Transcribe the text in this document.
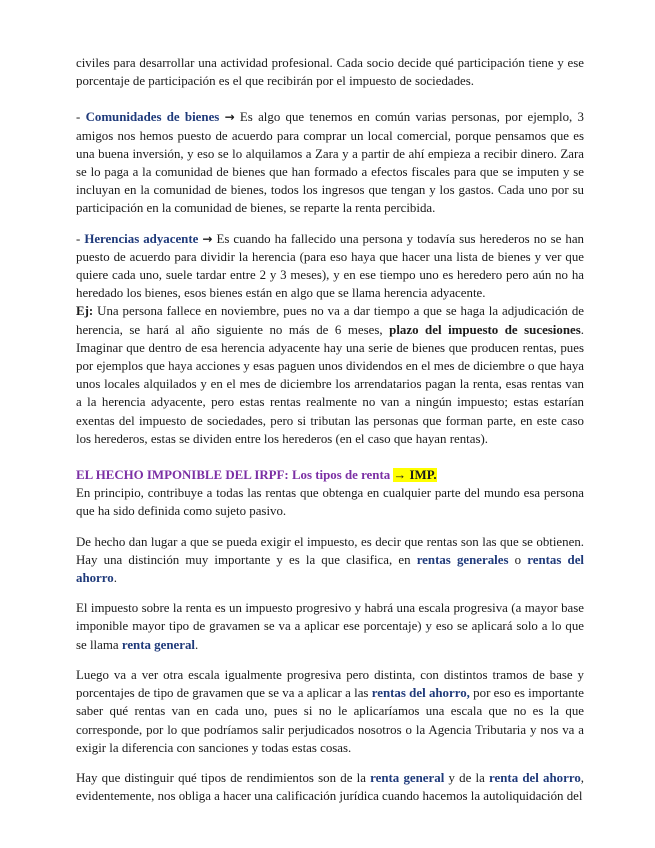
civiles para desarrollar una actividad profesional. Cada socio decide qué participación tiene y ese porcentaje de participación es el que recibirán por el impuesto de sociedades.

- Comunidades de bienes → Es algo que tenemos en común varias personas, por ejemplo, 3 amigos nos hemos puesto de acuerdo para comprar un local comercial, porque pensamos que es una buena inversión, y eso se lo alquilamos a Zara y a partir de ahí empieza a recibir dinero. Zara se lo paga a la comunidad de bienes que han formado a efectos fiscales para que se imputen y se incluyan en la comunidad de bienes, todos los ingresos que tengan y los gastos. Cada uno por su participación en la comunidad de bienes, se reparte la renta percibida.

- Herencias adyacente → Es cuando ha fallecido una persona y todavía sus herederos no se han puesto de acuerdo para dividir la herencia (para eso haya que hacer una lista de bienes y ver que quiere cada uno, suele tardar entre 2 y 3 meses), y en ese tiempo uno es heredero pero aún no ha heredado los bienes, esos bienes están en algo que se llama herencia adyacente.

Ej: Una persona fallece en noviembre, pues no va a dar tiempo a que se haga la adjudicación de herencia, se hará al año siguiente no más de 6 meses, plazo del impuesto de sucesiones. Imaginar que dentro de esa herencia adyacente hay una serie de bienes que producen rentas, pues por ejemplos que haya acciones y esas paguen unos dividendos en el mes de diciembre o que haya unos locales alquilados y en el mes de diciembre los arrendatarios pagan la renta, esas rentas van a la herencia adyacente, pero estas rentas realmente no van a ningún impuesto; estas estarían exentas del impuesto de sociedades, pero si tributan las personas que forman parte, en este caso los herederos, estas se dividen entre los herederos (en el caso que hayan rentas).

EL HECHO IMPONIBLE DEL IRPF: Los tipos de renta → IMP.

En principio, contribuye a todas las rentas que obtenga en cualquier parte del mundo esa persona que ha sido definida como sujeto pasivo.

De hecho dan lugar a que se pueda exigir el impuesto, es decir que rentas son las que se obtienen. Hay una distinción muy importante y es la que clasifica, en rentas generales o rentas del ahorro.

El impuesto sobre la renta es un impuesto progresivo y habrá una escala progresiva (a mayor base imponible mayor tipo de gravamen se va a aplicar ese porcentaje) y eso se aplicará solo a lo que se llama renta general.

Luego va a ver otra escala igualmente progresiva pero distinta, con distintos tramos de base y porcentajes de tipo de gravamen que se va a aplicar a las rentas del ahorro, por eso es importante saber qué rentas van en cada uno, pues si no le aplicaríamos una escala que no es la que corresponde, por lo que podríamos salir perjudicados nosotros o la Agencia Tributaria y nos va a exigir la diferencia con sanciones y todas estas cosas.

Hay que distinguir qué tipos de rendimientos son de la renta general y de la renta del ahorro, evidentemente, nos obliga a hacer una calificación jurídica cuando hacemos la autoliquidación del
